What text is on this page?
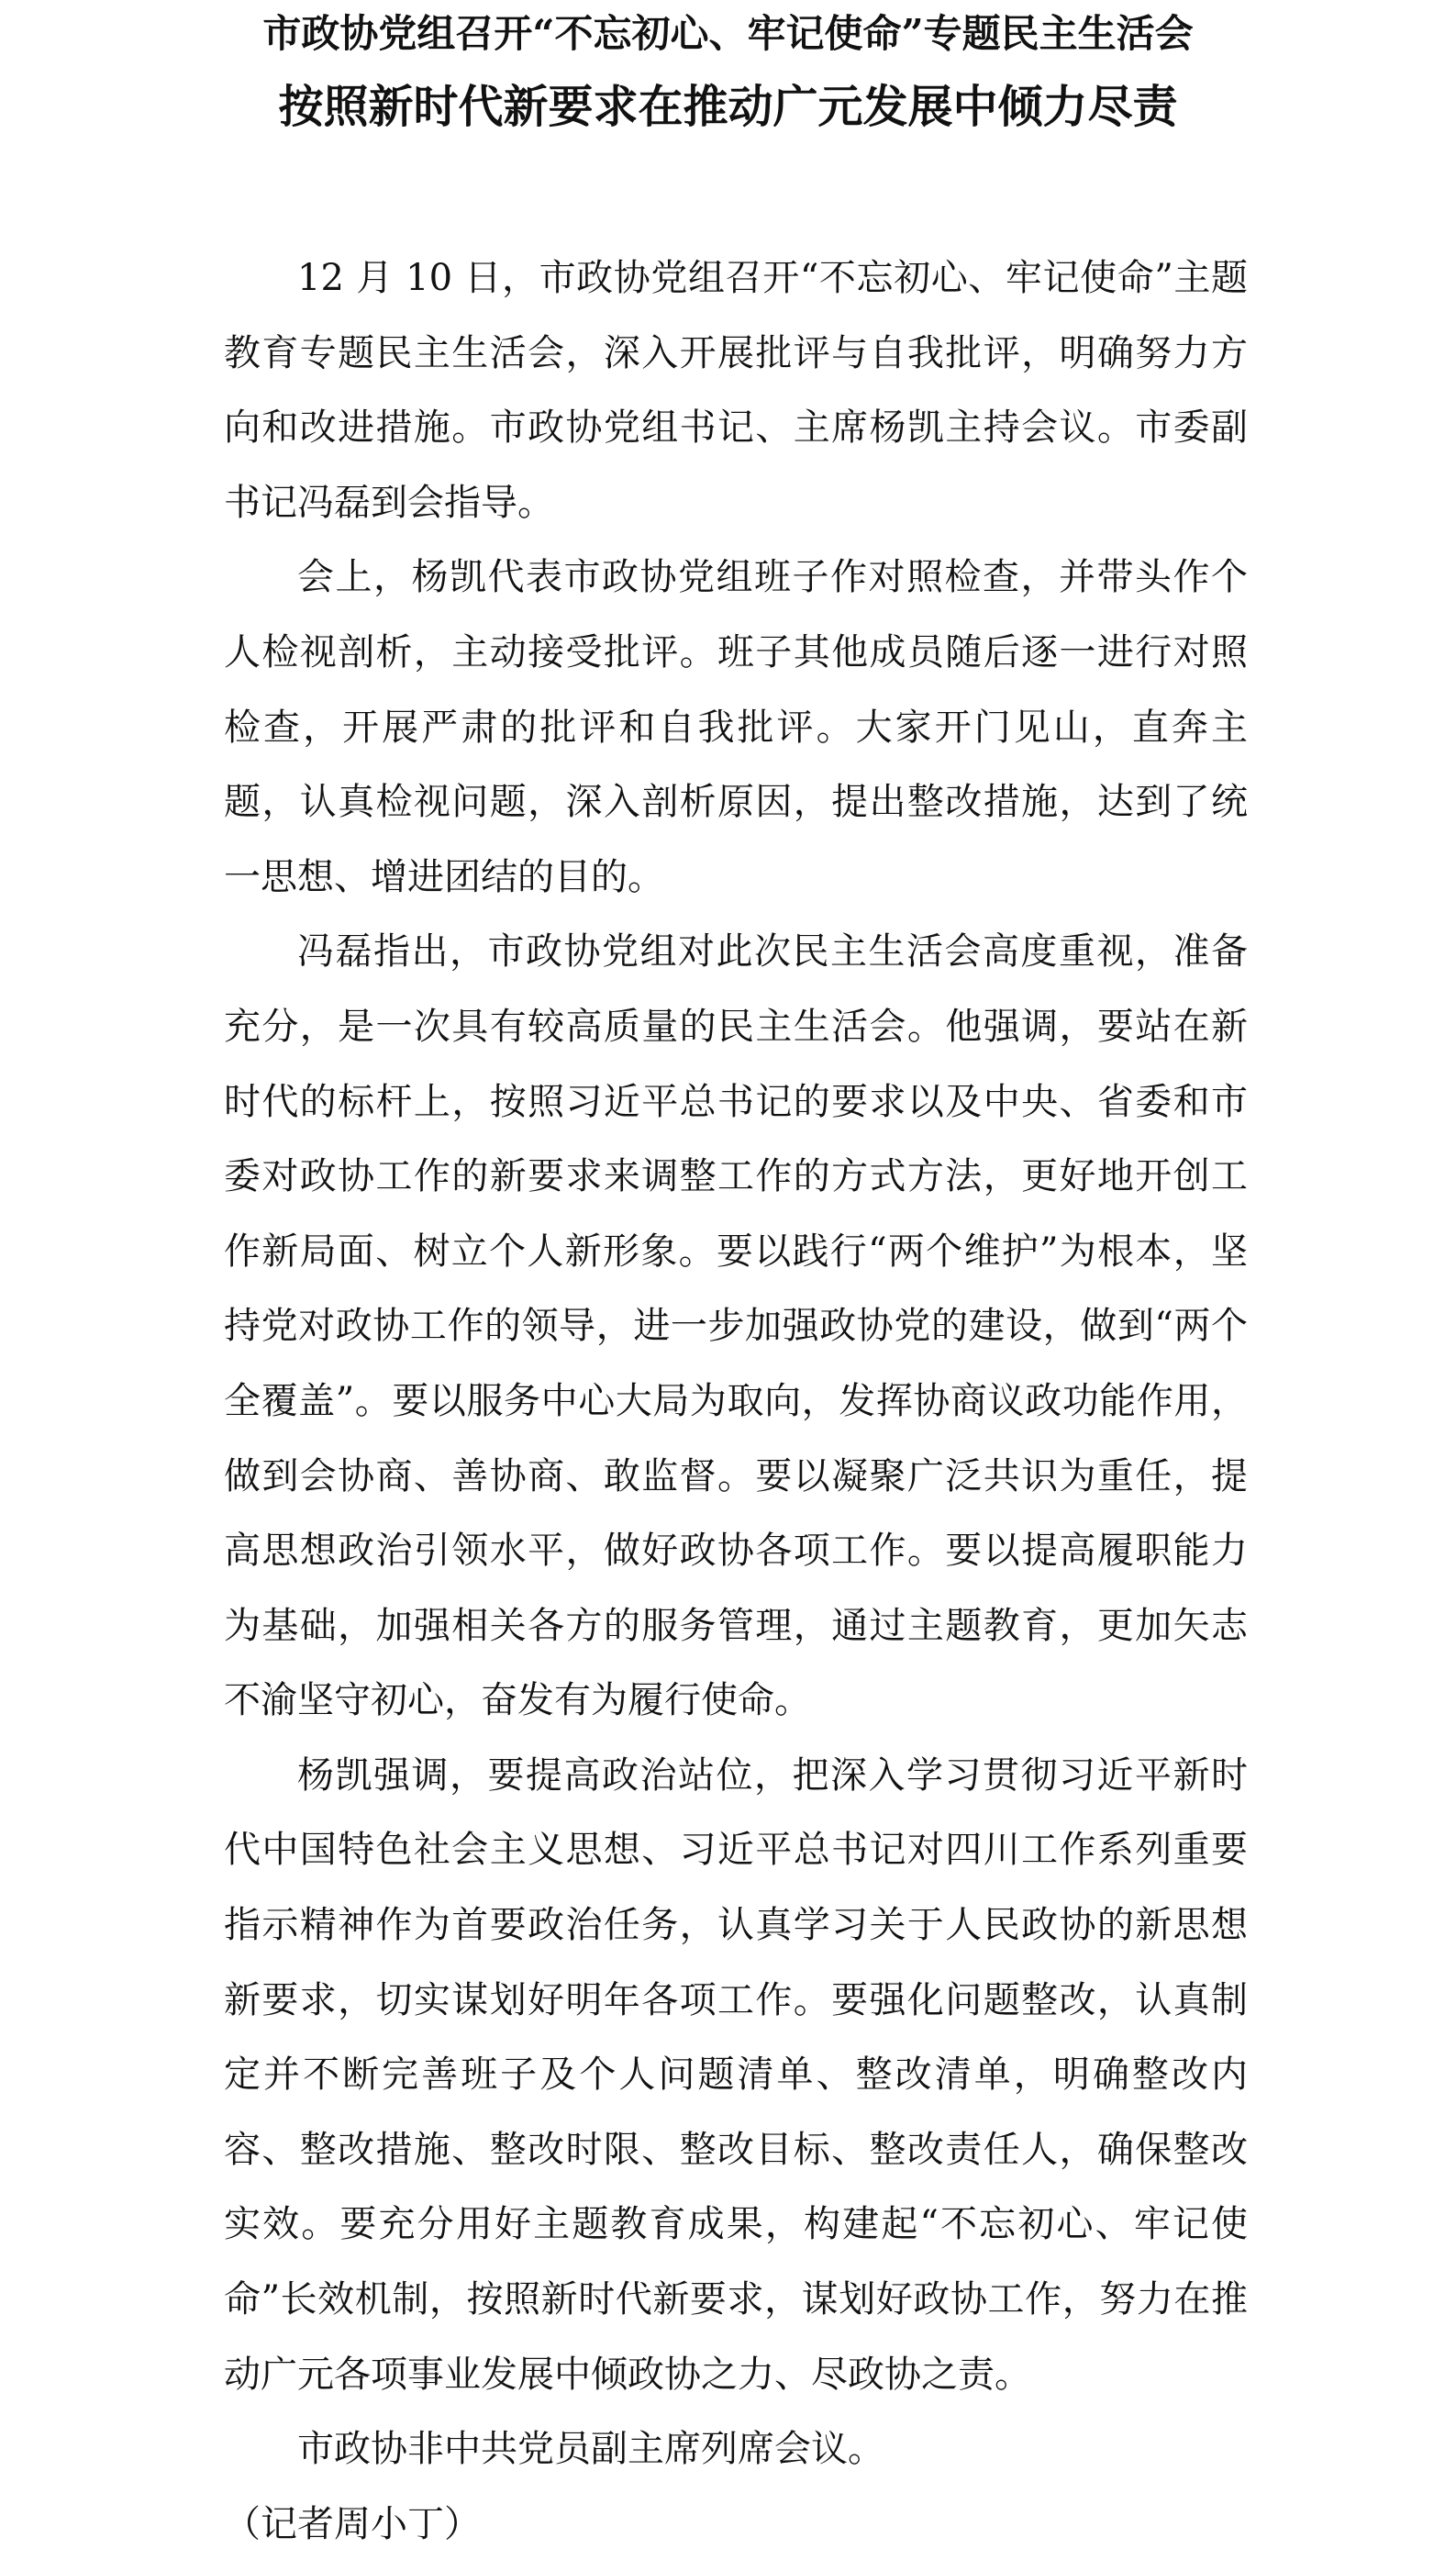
市政协党组召开“不忘初心、牢记使命”专题民主生活会
按照新时代新要求在推动广元发展中倾力尽责

12 月 10 日，市政协党组召开“不忘初心、牢记使命”主题教育专题民主生活会，深入开展批评与自我批评，明确努力方向和改进措施。市政协党组书记、主席杨凯主持会议。市委副书记冯磊到会指导。

会上，杨凯代表市政协党组班子作对照检查，并带头作个人检视剖析，主动接受批评。班子其他成员随后逐一进行对照检查，开展严肃的批评和自我批评。大家开门见山，直奔主题，认真检视问题，深入剖析原因，提出整改措施，达到了统一思想、增进团结的目的。

冯磊指出，市政协党组对此次民主生活会高度重视，准备充分，是一次具有较高质量的民主生活会。他强调，要站在新时代的标杆上，按照习近平总书记的要求以及中央、省委和市委对政协工作的新要求来调整工作的方式方法，更好地开创工作新局面、树立个人新形象。要以践行“两个维护”为根本，坚持党对政协工作的领导，进一步加强政协党的建设，做到“两个全覆盖”。要以服务中心大局为取向，发挥协商议政功能作用，做到会协商、善协商、敢监督。要以凝聚广泛共识为重任，提高思想政治引领水平，做好政协各项工作。要以提高履职能力为基础，加强相关各方的服务管理，通过主题教育，更加矢志不渝坚守初心，奋发有为履行使命。

杨凯强调，要提高政治站位，把深入学习贯彻习近平新时代中国特色社会主义思想、习近平总书记对四川工作系列重要指示精神作为首要政治任务，认真学习关于人民政协的新思想新要求，切实谋划好明年各项工作。要强化问题整改，认真制定并不断完善班子及个人问题清单、整改清单，明确整改内容、整改措施、整改时限、整改目标、整改责任人，确保整改实效。要充分用好主题教育成果，构建起“不忘初心、牢记使命”长效机制，按照新时代新要求，谋划好政协工作，努力在推动广元各项事业发展中倾政协之力、尽政协之责。

市政协非中共党员副主席列席会议。

（记者周小丁）
